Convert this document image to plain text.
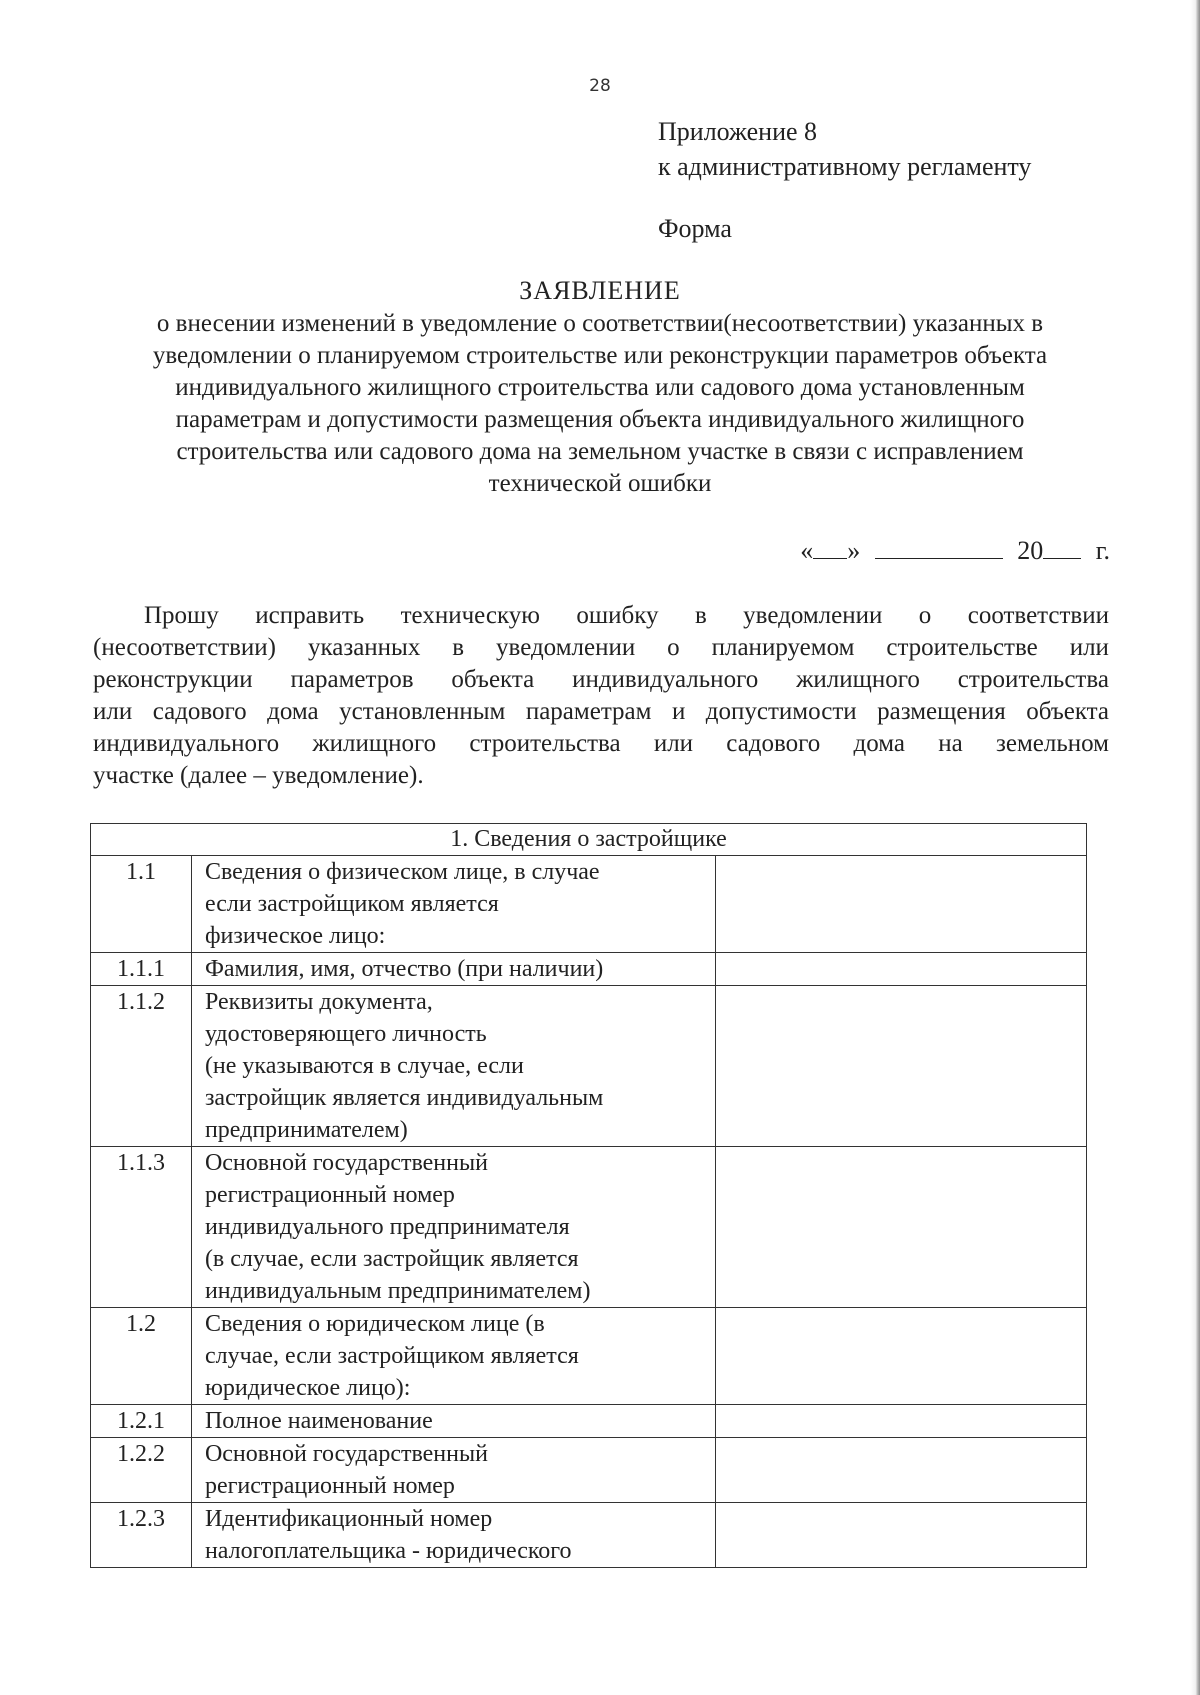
28
Приложение 8
к административному регламенту
Форма
ЗАЯВЛЕНИЕ
о внесении изменений в уведомление о соответствии(несоответствии) указанных в
уведомлении о планируемом строительстве или реконструкции параметров объекта
индивидуального жилищного строительства или садового дома установленным
параметрам и допустимости размещения объекта индивидуального жилищного
строительства или садового дома на земельном участке в связи с исправлением
технической ошибки
« »	20 г.
Прошу исправить техническую ошибку в уведомлении о соответствии
(несоответствии) указанных в уведомлении о планируемом строительстве или
реконструкции параметров объекта индивидуального жилищного строительства
или садового дома установленным параметрам и допустимости размещения объекта
индивидуального жилищного строительства или садового дома на земельном
участке (далее – уведомление).
1. Сведения о застройщике		
1.1	Сведения о физическом лице, в случае
если застройщиком является
физическое лицо:	

1.1.1	Фамилия, имя, отчество (при наличии)	

1.1.2	Реквизиты документа,
удостоверяющего личность
(не указываются в случае, если
застройщик является индивидуальным
предпринимателем)	

1.1.3	Основной государственный
регистрационный номер
индивидуального предпринимателя
(в случае, если застройщик является
индивидуальным предпринимателем)	

1.2	Сведения о юридическом лице (в
случае, если застройщиком является
юридическое лицо):	

1.2.1	Полное наименование	

1.2.2	Основной государственный
регистрационный номер	

1.2.3	Идентификационный номер
налогоплательщика - юридического	
